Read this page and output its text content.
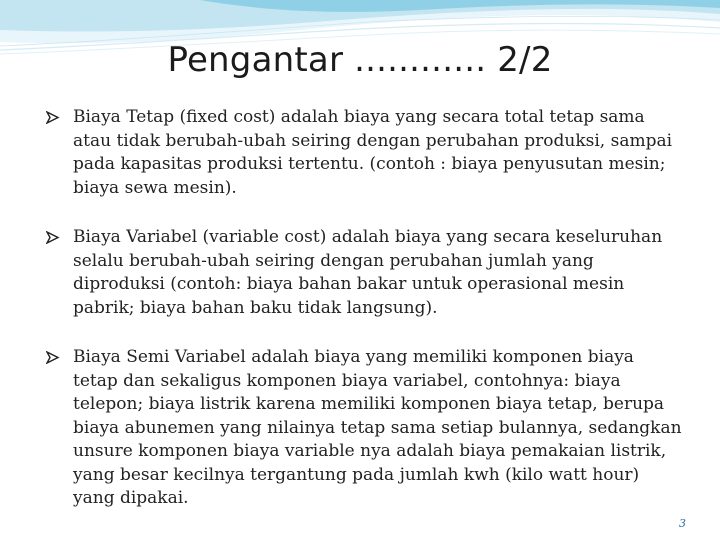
Pengantar ............ 2/2
Biaya Tetap (fixed cost) adalah biaya yang secara total tetap sama
atau tidak berubah-ubah seiring dengan perubahan produksi, sampai
pada kapasitas produksi tertentu. (contoh : biaya penyusutan mesin;
biaya sewa mesin).
Biaya Variabel (variable cost) adalah biaya yang secara keseluruhan
selalu berubah-ubah seiring dengan perubahan jumlah yang
diproduksi (contoh: biaya bahan bakar untuk operasional mesin
pabrik; biaya bahan baku tidak langsung).
Biaya Semi Variabel adalah biaya yang memiliki komponen biaya
tetap dan sekaligus komponen biaya variabel, contohnya: biaya
telepon; biaya listrik karena memiliki komponen biaya tetap, berupa
biaya abunemen yang nilainya tetap sama setiap bulannya, sedangkan
unsure komponen biaya variable nya adalah biaya pemakaian listrik,
yang besar kecilnya tergantung pada jumlah kwh (kilo watt hour)
yang dipakai.
3
